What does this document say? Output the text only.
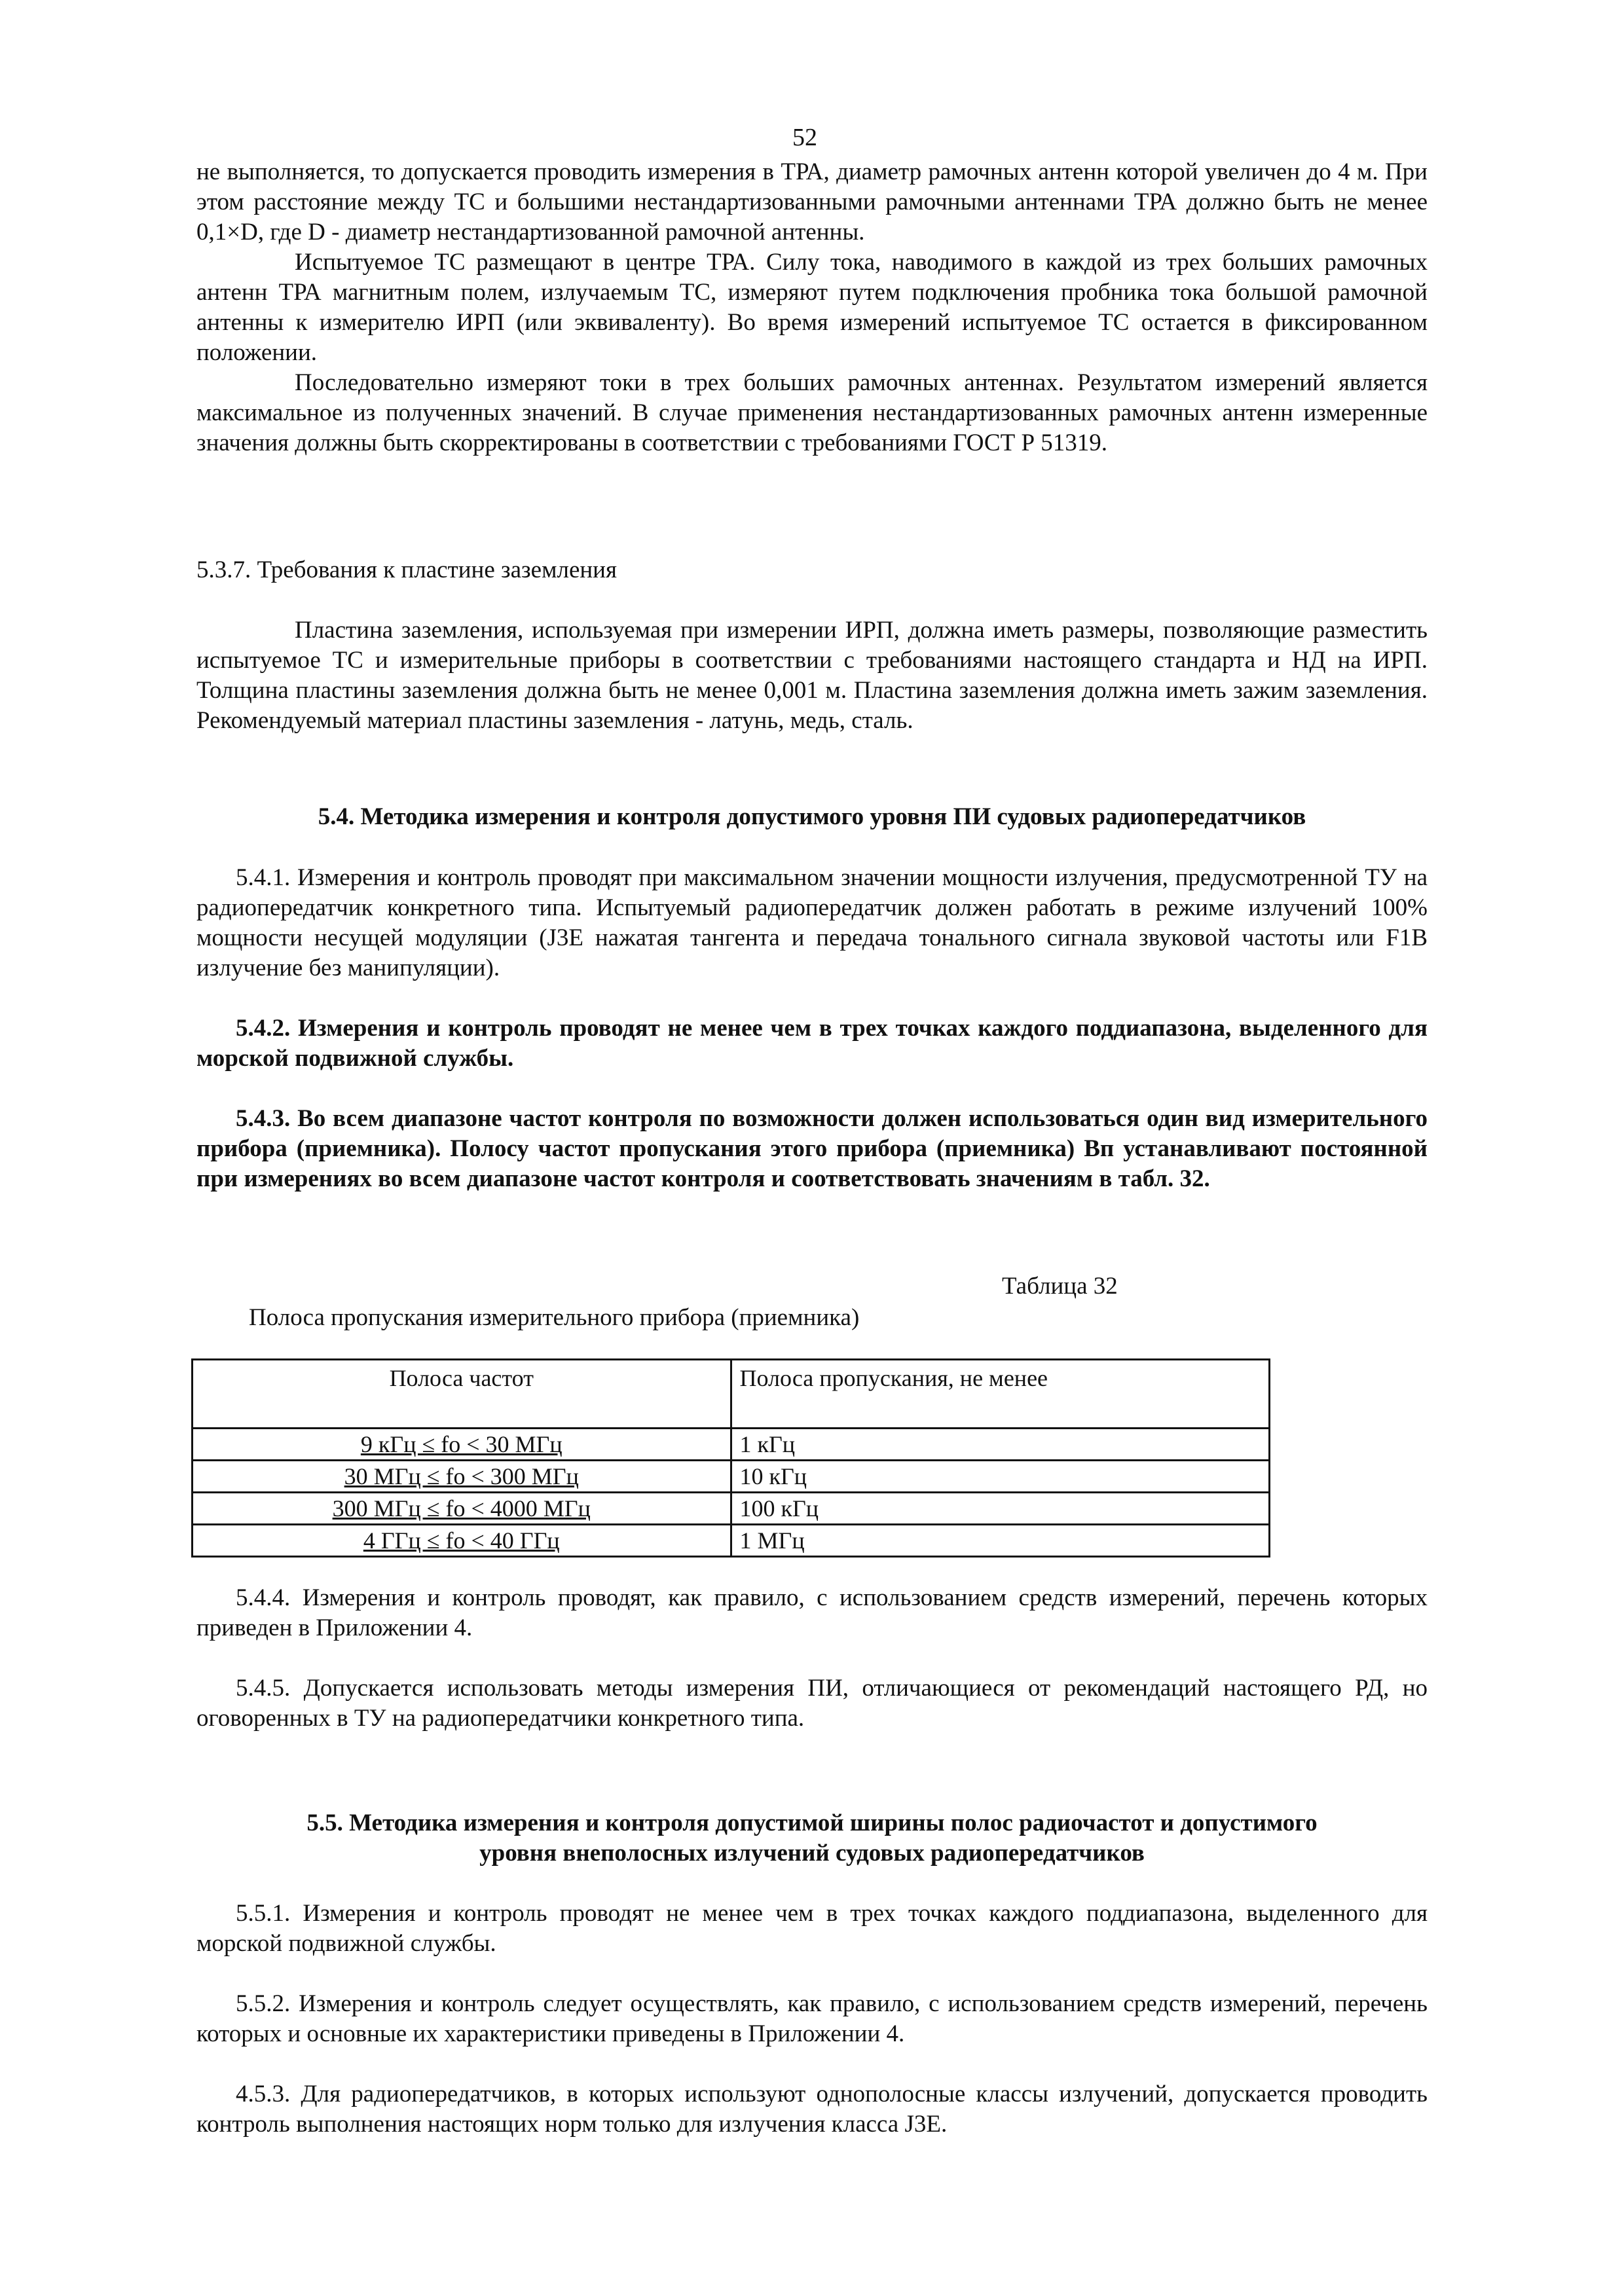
52

не выполняется, то допускается проводить измерения в ТРА, диаметр рамочных антенн которой увеличен до 4 м. При этом расстояние между ТС и большими нестандартизованными рамочными антеннами ТРА должно быть не менее 0,1×D, где D - диаметр нестандартизованной рамочной антенны.

Испытуемое ТС размещают в центре ТРА. Силу тока, наводимого в каждой из трех больших рамочных антенн ТРА магнитным полем, излучаемым ТС, измеряют путем подключения пробника тока большой рамочной антенны к измерителю ИРП (или эквиваленту). Во время измерений испытуемое ТС остается в фиксированном положении.

Последовательно измеряют токи в трех больших рамочных антеннах. Результатом измерений является максимальное из полученных значений. В случае применения нестандартизованных рамочных антенн измеренные значения должны быть скорректированы в соответствии с требованиями ГОСТ Р 51319.

5.3.7. Требования к пластине заземления

Пластина заземления, используемая при измерении ИРП, должна иметь размеры, позволяющие разместить испытуемое ТС и измерительные приборы в соответствии с требованиями настоящего стандарта и НД на ИРП. Толщина пластины заземления должна быть не менее 0,001 м. Пластина заземления должна иметь зажим заземления. Рекомендуемый материал пластины заземления - латунь, медь, сталь.

5.4. Методика измерения и контроля допустимого уровня ПИ судовых радиопередатчиков

5.4.1. Измерения и контроль проводят при максимальном значении мощности излучения, предусмотренной ТУ на радиопередатчик конкретного типа. Испытуемый радиопередатчик должен работать в режиме излучений 100% мощности несущей модуляции (J3E нажатая тангента и передача тонального сигнала звуковой частоты или F1B излучение без манипуляции).

5.4.2. Измерения и контроль проводят не менее чем в трех точках каждого поддиапазона, выделенного для морской подвижной службы.

5.4.3. Во всем диапазоне частот контроля по возможности должен использоваться один вид измерительного прибора (приемника). Полосу частот пропускания этого прибора (приемника) Вп устанавливают постоянной при измерениях во всем диапазоне частот контроля и соответствовать значениям в табл. 32.

Таблица 32
Полоса пропускания измерительного прибора (приемника)
Полоса частот	Полоса пропускания, не менее
9 кГц ≤ fo < 30 МГц	1 кГц
30 МГц ≤ fo < 300 МГц	10 кГц
300 МГц ≤ fo < 4000 МГц	100 кГц
4 ГГц ≤ fo < 40 ГГц	1 МГц

5.4.4. Измерения и контроль проводят, как правило, с использованием средств измерений, перечень которых приведен в Приложении 4.

5.4.5. Допускается использовать методы измерения ПИ, отличающиеся от рекомендаций настоящего РД, но оговоренных в ТУ на радиопередатчики конкретного типа.

5.5. Методика измерения и контроля допустимой ширины полос радиочастот и допустимого
уровня внеполосных излучений судовых радиопередатчиков

5.5.1. Измерения и контроль проводят не менее чем в трех точках каждого поддиапазона, выделенного для морской подвижной службы.

5.5.2. Измерения и контроль следует осуществлять, как правило, с использованием средств измерений, перечень которых и основные их характеристики приведены в Приложении 4.

4.5.3. Для радиопередатчиков, в которых используют однополосные классы излучений, допускается проводить контроль выполнения настоящих норм только для излучения класса J3E.
